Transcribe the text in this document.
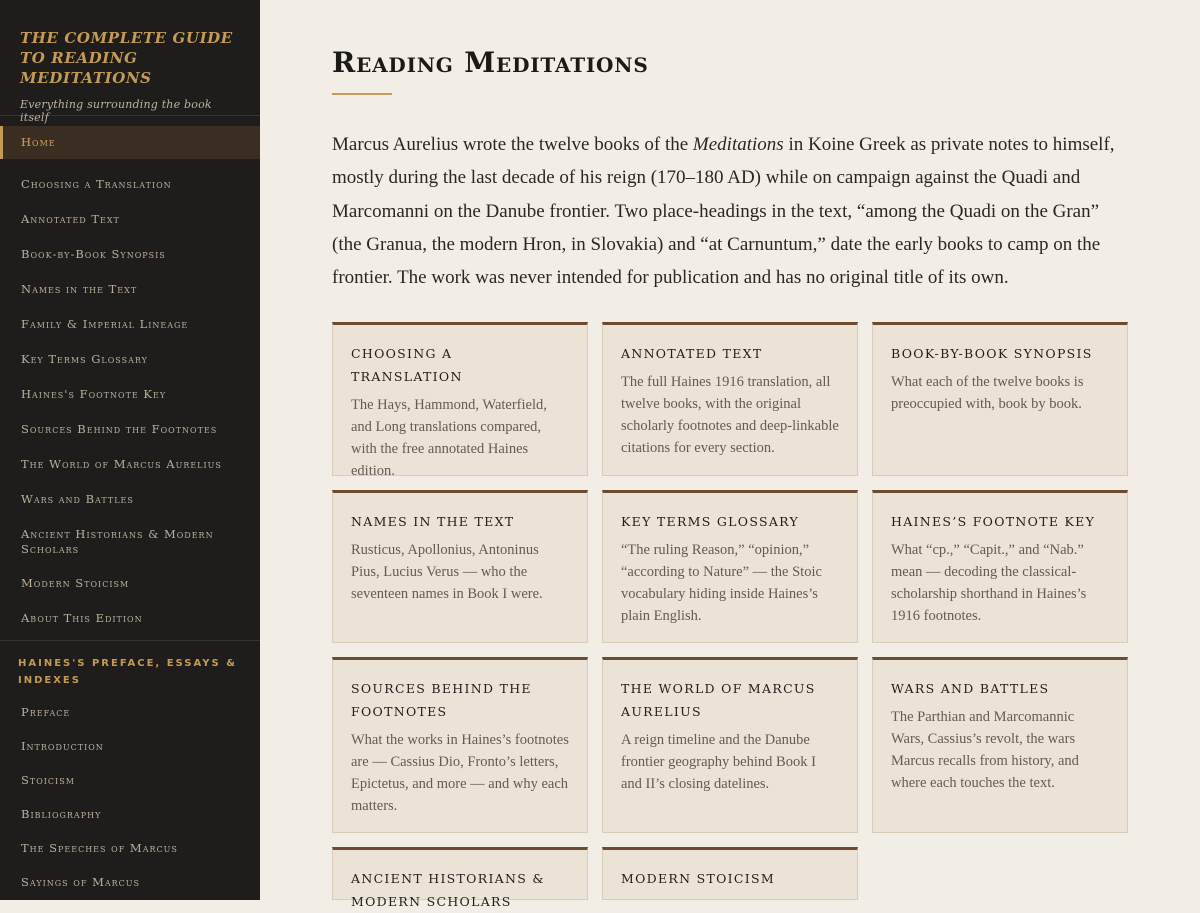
THE COMPLETE GUIDE TO READING MEDITATIONS
Everything surrounding the book itself
Home
Choosing a Translation
Annotated Text
Book-by-Book Synopsis
Names in the Text
Family & Imperial Lineage
Key Terms Glossary
Haines's Footnote Key
Sources Behind the Footnotes
The World of Marcus Aurelius
Wars and Battles
Ancient Historians & Modern Scholars
Modern Stoicism
About This Edition
HAINES'S PREFACE, ESSAYS & INDEXES
Preface
Introduction
Stoicism
Bibliography
The Speeches of Marcus
Sayings of Marcus
Reading Meditations

Marcus Aurelius wrote the twelve books of the Meditations in Koine Greek as private notes to himself, mostly during the last decade of his reign (170–180 AD) while on campaign against the Quadi and Marcomanni on the Danube frontier. Two place-headings in the text, “among the Quadi on the Gran” (the Granua, the modern Hron, in Slovakia) and “at Carnuntum,” date the early books to camp on the frontier. The work was never intended for publication and has no original title of its own.

CHOOSING A TRANSLATION
The Hays, Hammond, Waterfield, and Long translations compared, with the free annotated Haines edition.
ANNOTATED TEXT
The full Haines 1916 translation, all twelve books, with the original scholarly footnotes and deep-linkable citations for every section.
BOOK-BY-BOOK SYNOPSIS
What each of the twelve books is preoccupied with, book by book.
NAMES IN THE TEXT
Rusticus, Apollonius, Antoninus Pius, Lucius Verus — who the seventeen names in Book I were.
KEY TERMS GLOSSARY
“The ruling Reason,” “opinion,” “according to Nature” — the Stoic vocabulary hiding inside Haines’s plain English.
HAINES’S FOOTNOTE KEY
What “cp.,” “Capit.,” and “Nab.” mean — decoding the classical-scholarship shorthand in Haines’s 1916 footnotes.
SOURCES BEHIND THE FOOTNOTES
What the works in Haines’s footnotes are — Cassius Dio, Fronto’s letters, Epictetus, and more — and why each matters.
THE WORLD OF MARCUS AURELIUS
A reign timeline and the Danube frontier geography behind Book I and II’s closing datelines.
WARS AND BATTLES
The Parthian and Marcomannic Wars, Cassius’s revolt, the wars Marcus recalls from history, and where each touches the text.
ANCIENT HISTORIANS & MODERN SCHOLARS
MODERN STOICISM
